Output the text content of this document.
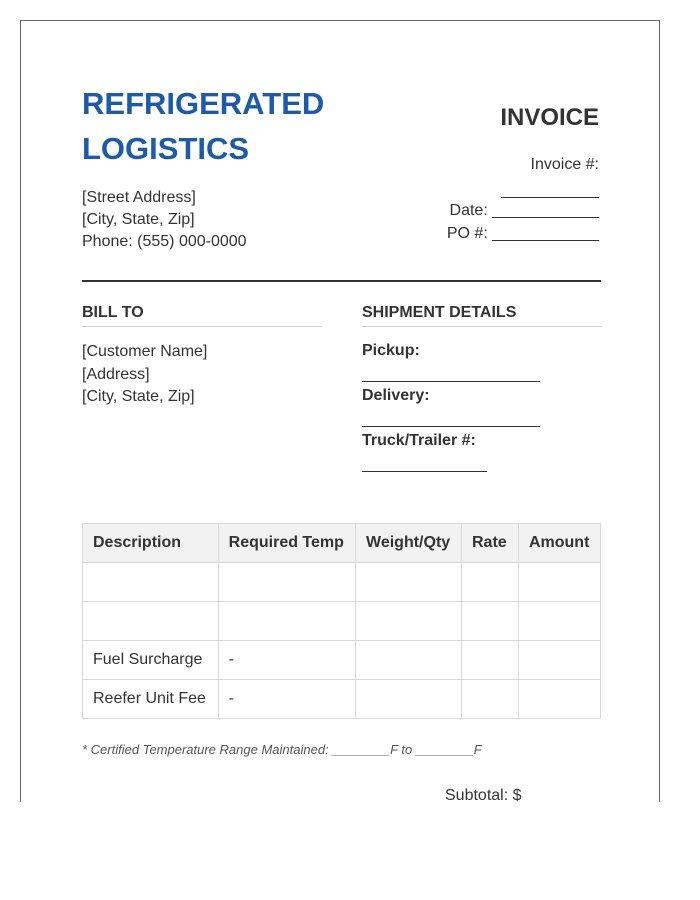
REFRIGERATED
LOGISTICS
[Street Address]
[City, State, Zip]
Phone: (555) 000-0000
INVOICE
Invoice #:
Date: ____________
PO #: ____________
BILL TO	SHIPMENT DETAILS
[Customer Name]
[Address]
[City, State, Zip]
Pickup:
Delivery:
Truck/Trailer #:
Description	Required Temp	Weight/Qty	Rate	Amount

Fuel Surcharge	-			
Reefer Unit Fee	-			
* Certified Temperature Range Maintained: ________F to ________F
Subtotal: $
